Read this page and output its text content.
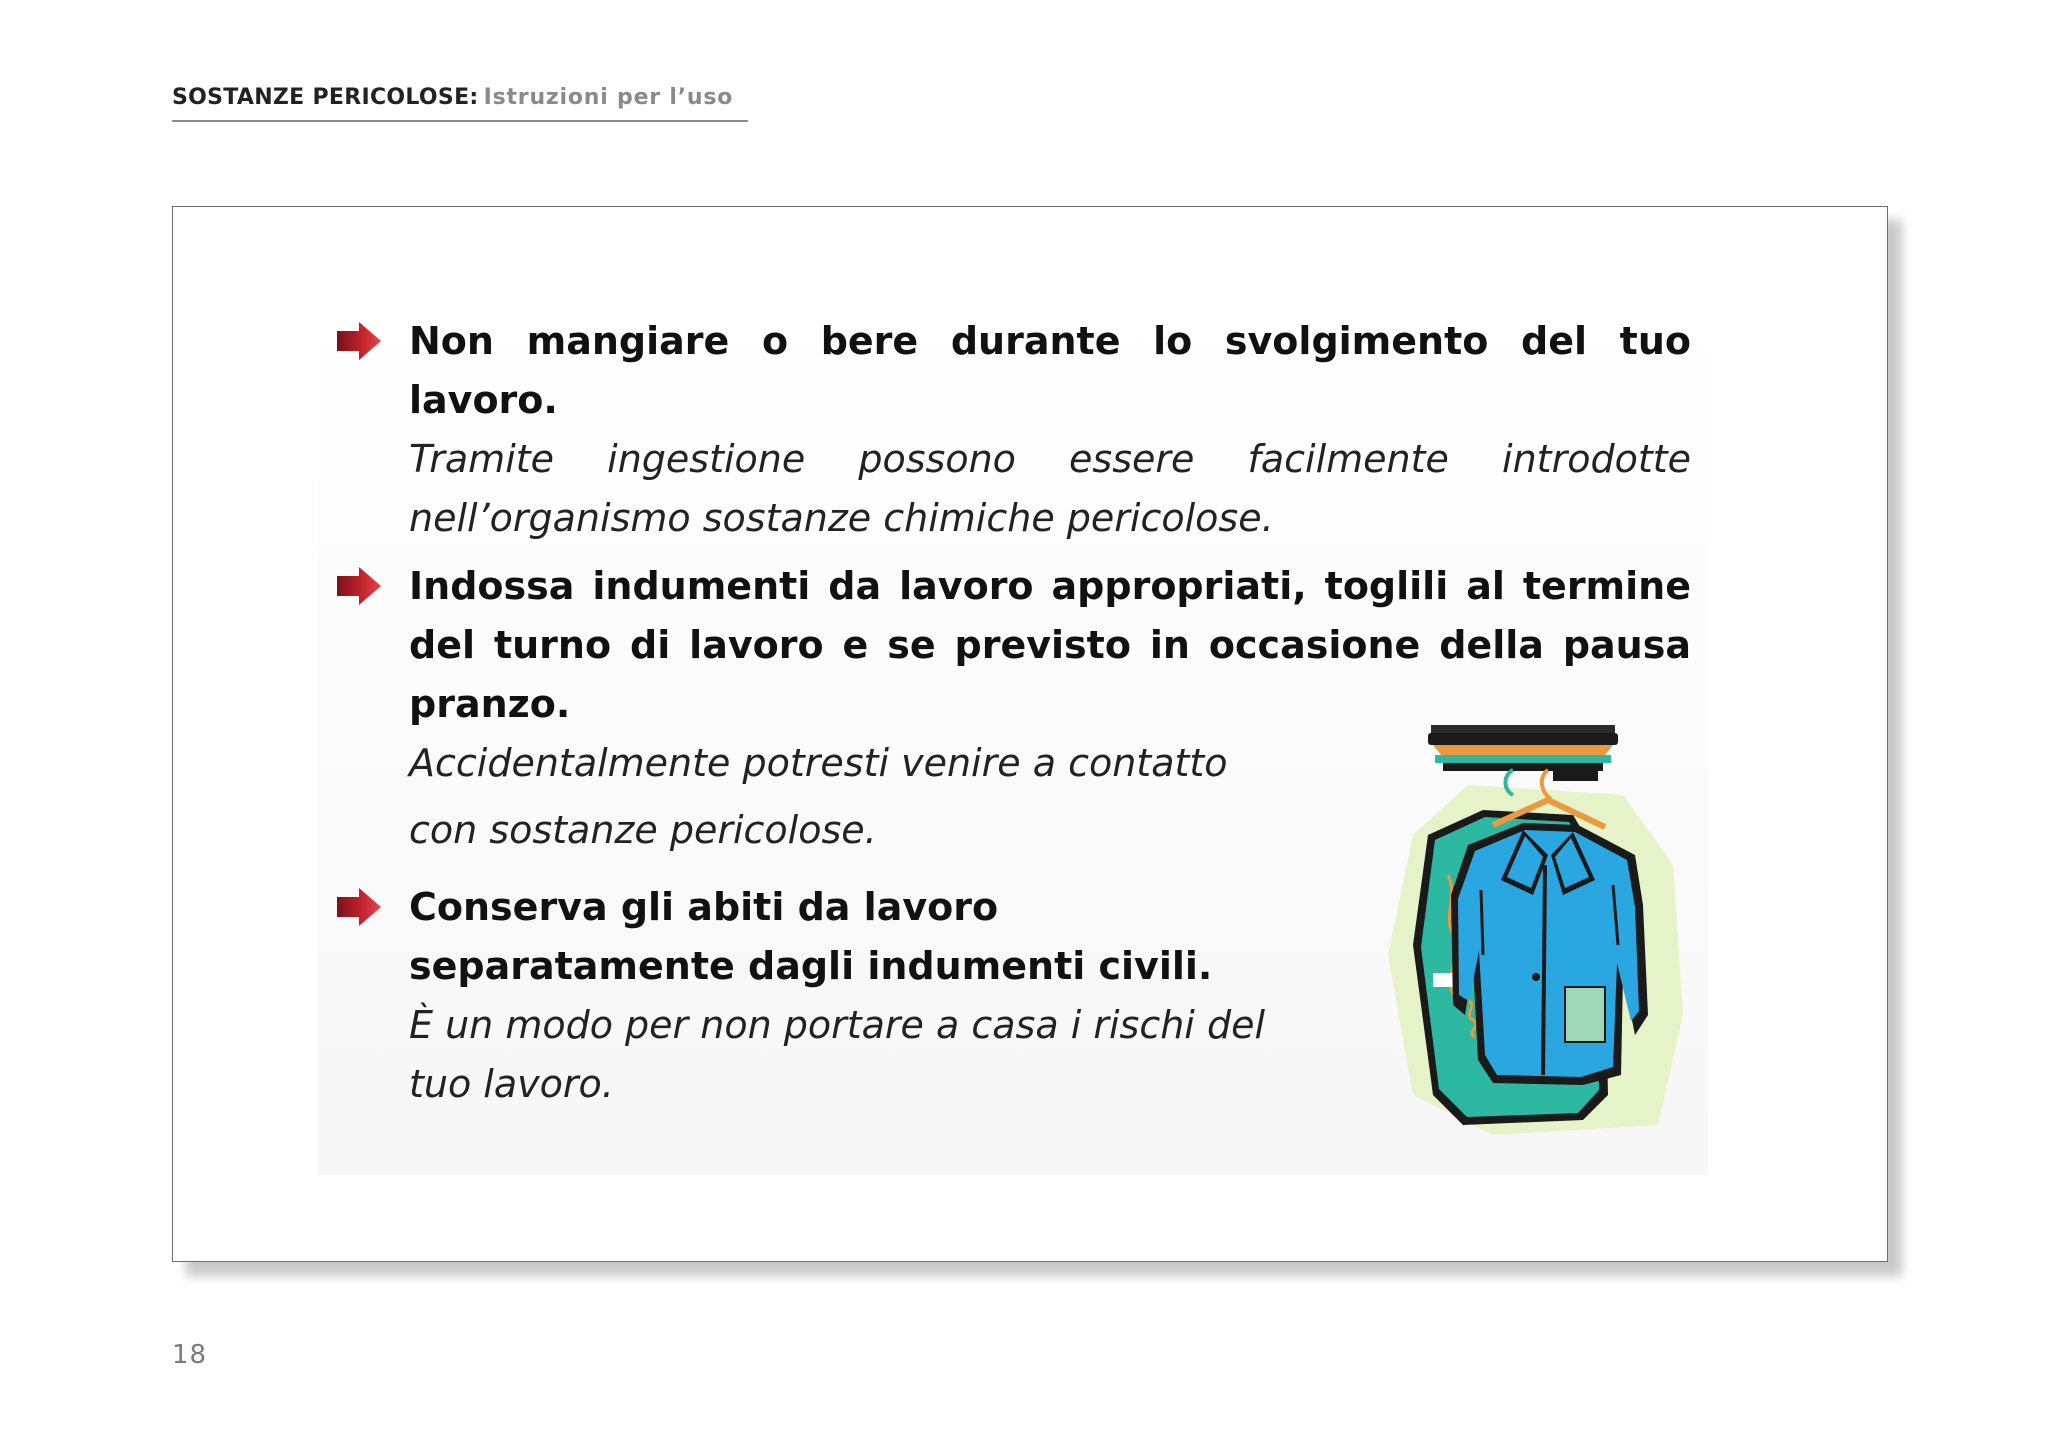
SOSTANZE PERICOLOSE: Istruzioni per l’uso

Non mangiare o bere durante lo svolgimento del tuo lavoro.

Tramite ingestione possono essere facilmente introdotte nell’organismo sostanze chimiche pericolose.

Indossa indumenti da lavoro appropriati, toglili al termine del turno di lavoro e se previsto in occasione della pausa pranzo.

Accidentalmente potresti venire a contatto

con sostanze pericolose.

Conserva gli abiti da lavoro separatamente dagli indumenti civili.

È un modo per non portare a casa i rischi del tuo lavoro.

18
